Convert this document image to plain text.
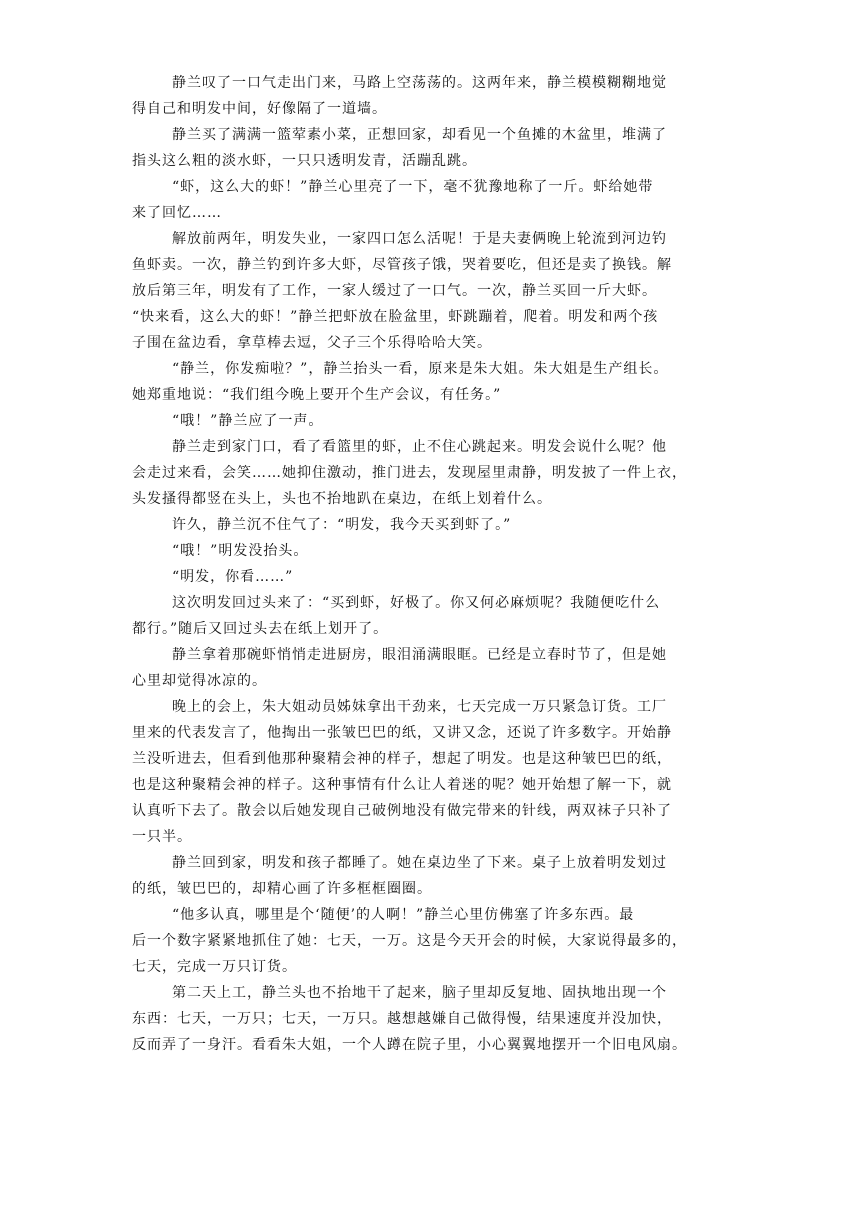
静兰叹了一口气走出门来，马路上空荡荡的。这两年来，静兰模模糊糊地觉
得自己和明发中间，好像隔了一道墙。
静兰买了满满一篮荤素小菜，正想回家，却看见一个鱼摊的木盆里，堆满了
指头这么粗的淡水虾，一只只透明发青，活蹦乱跳。
“虾，这么大的虾！”静兰心里亮了一下，毫不犹豫地称了一斤。虾给她带
来了回忆……
解放前两年，明发失业，一家四口怎么活呢！于是夫妻俩晚上轮流到河边钓
鱼虾卖。一次，静兰钓到许多大虾，尽管孩子饿，哭着要吃，但还是卖了换钱。解
放后第三年，明发有了工作，一家人缓过了一口气。一次，静兰买回一斤大虾。
“快来看，这么大的虾！”静兰把虾放在脸盆里，虾跳蹦着，爬着。明发和两个孩
子围在盆边看，拿草棒去逗，父子三个乐得哈哈大笑。
“静兰，你发痴啦？”，静兰抬头一看，原来是朱大姐。朱大姐是生产组长。
她郑重地说：“我们组今晚上要开个生产会议，有任务。”
“哦！”静兰应了一声。
静兰走到家门口，看了看篮里的虾，止不住心跳起来。明发会说什么呢？他
会走过来看，会笑……她抑住激动，推门进去，发现屋里肃静，明发披了一件上衣，
头发搔得都竖在头上，头也不抬地趴在桌边，在纸上划着什么。
许久，静兰沉不住气了：“明发，我今天买到虾了。”
“哦！”明发没抬头。
“明发，你看……”
这次明发回过头来了：“买到虾，好极了。你又何必麻烦呢？我随便吃什么
都行。”随后又回过头去在纸上划开了。
静兰拿着那碗虾悄悄走进厨房，眼泪涌满眼眶。已经是立春时节了，但是她
心里却觉得冰凉的。
晚上的会上，朱大姐动员姊妹拿出干劲来，七天完成一万只紧急订货。工厂
里来的代表发言了，他掏出一张皱巴巴的纸，又讲又念，还说了许多数字。开始静
兰没听进去，但看到他那种聚精会神的样子，想起了明发。也是这种皱巴巴的纸，
也是这种聚精会神的样子。这种事情有什么让人着迷的呢？她开始想了解一下，就
认真听下去了。散会以后她发现自己破例地没有做完带来的针线，两双袜子只补了
一只半。
静兰回到家，明发和孩子都睡了。她在桌边坐了下来。桌子上放着明发划过
的纸，皱巴巴的，却精心画了许多框框圈圈。
“他多认真，哪里是个‘随便’的人啊！”静兰心里仿佛塞了许多东西。最
后一个数字紧紧地抓住了她：七天，一万。这是今天开会的时候，大家说得最多的，
七天，完成一万只订货。
第二天上工，静兰头也不抬地干了起来，脑子里却反复地、固执地出现一个
东西：七天，一万只；七天，一万只。越想越嫌自己做得慢，结果速度并没加快，
反而弄了一身汗。看看朱大姐，一个人蹲在院子里，小心翼翼地摆开一个旧电风扇。
